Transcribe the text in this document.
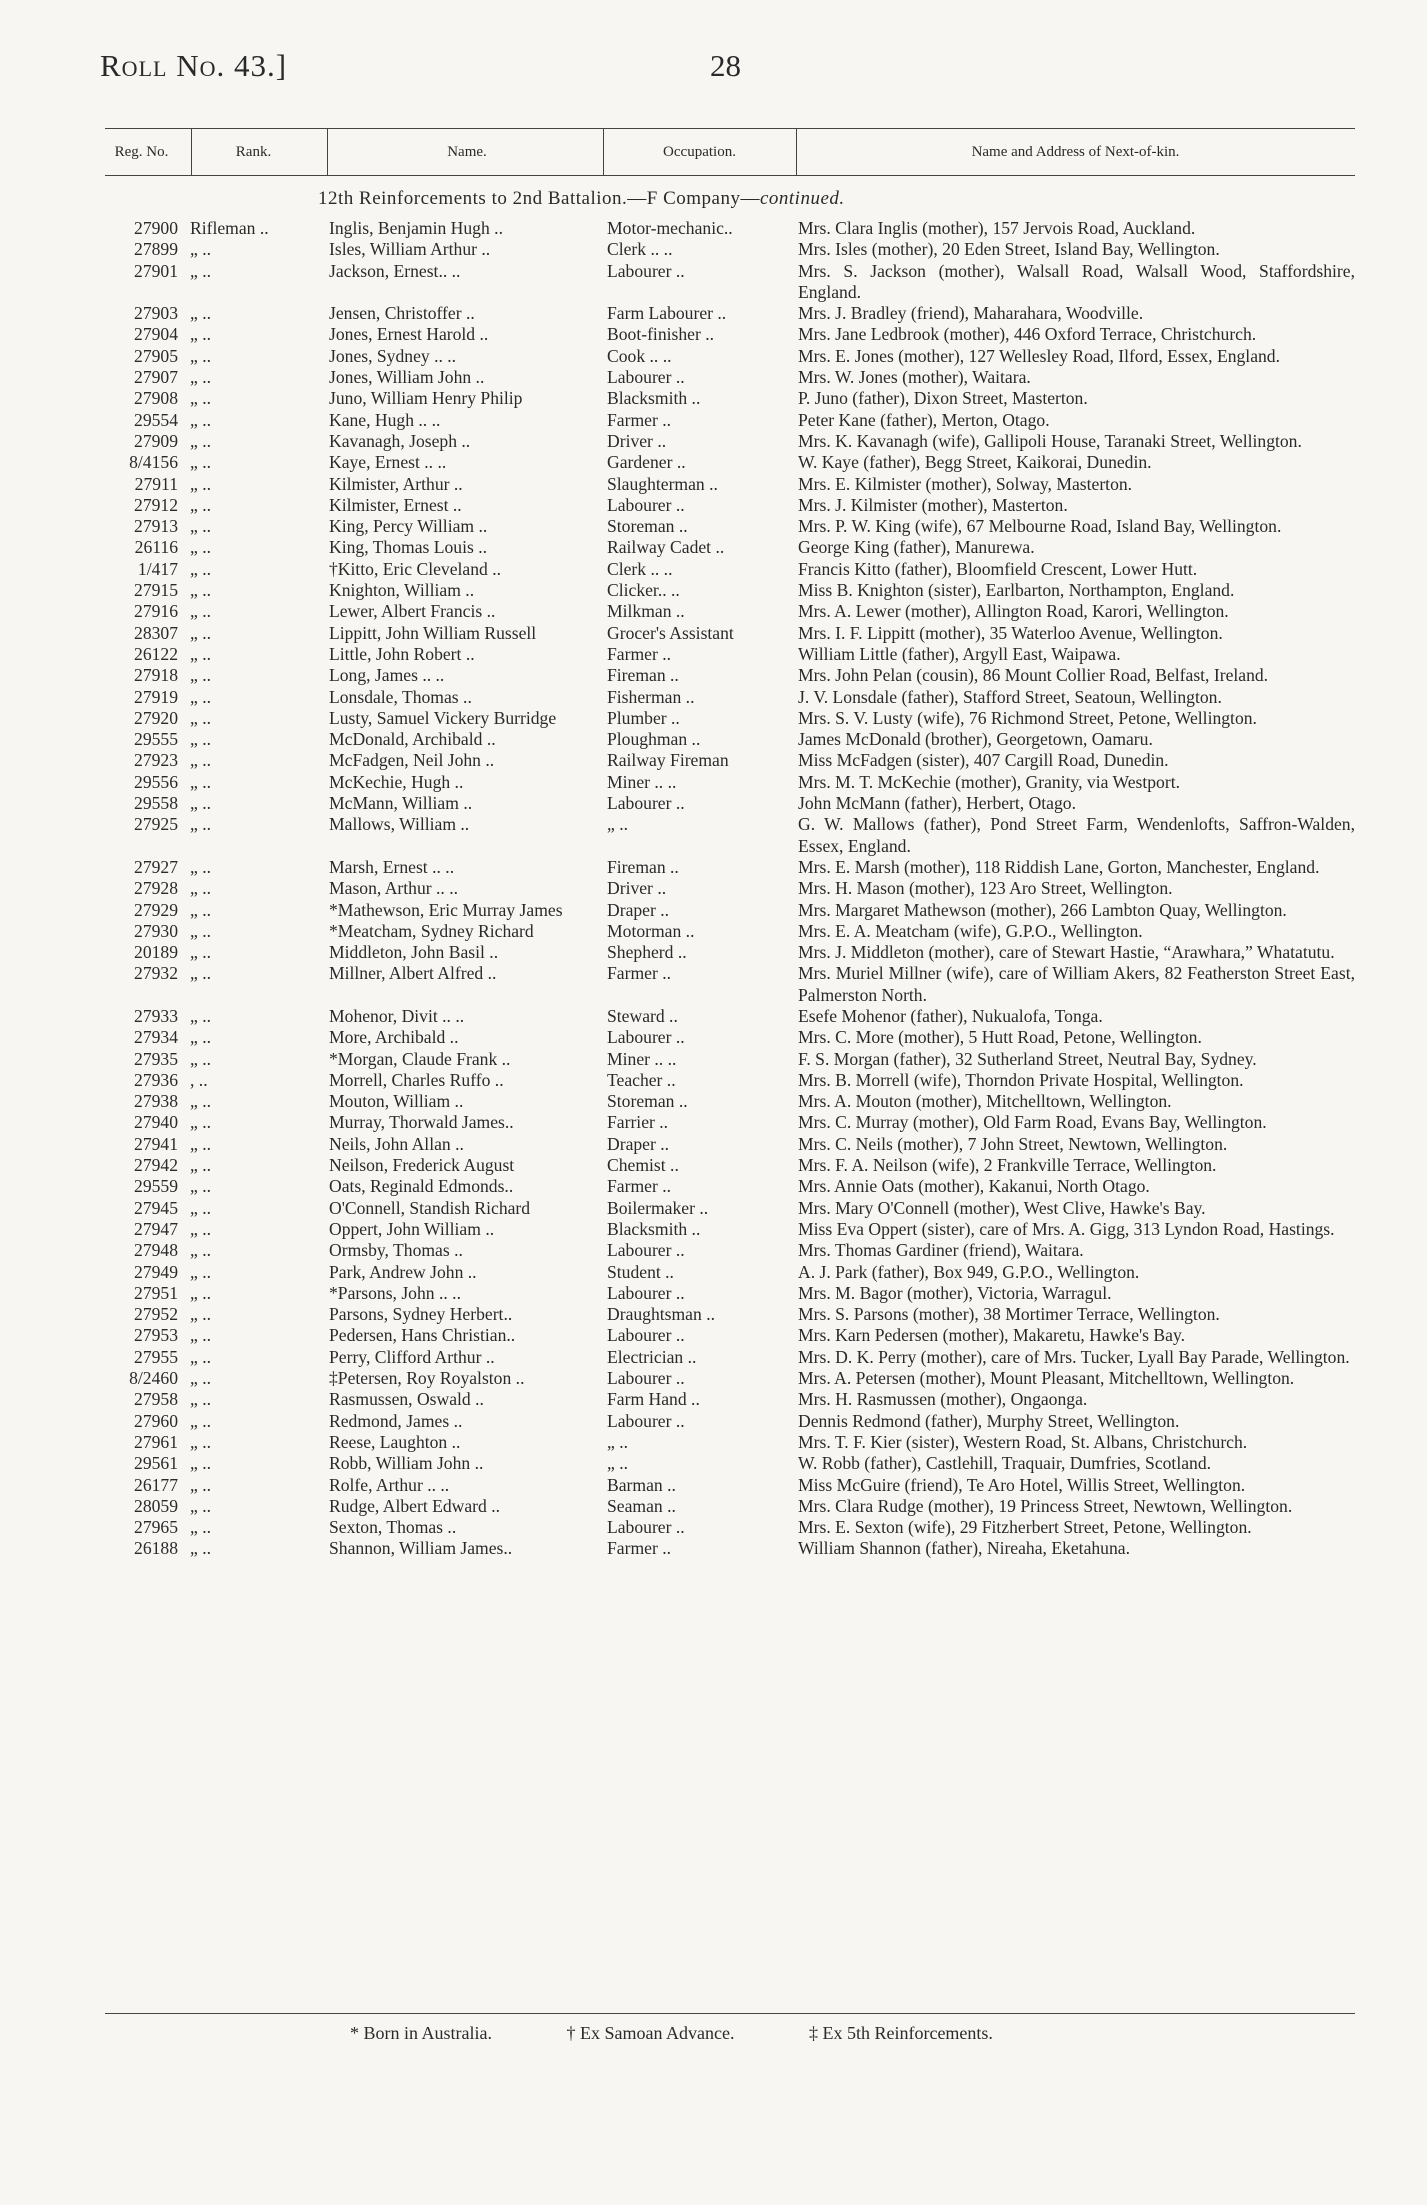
Roll No. 43.]	28
Reg. No.	Rank.	Name.	Occupation.	Name and Address of Next-of-kin.
12th Reinforcements to 2nd Battalion.—F Company—continued.
27900 Rifleman ..	Inglis, Benjamin Hugh ..	Motor-mechanic..	Mrs. Clara Inglis (mother), 157 Jervois Road, Auckland.
27899 „ ..	Isles, William Arthur ..	Clerk .. ..	Mrs. Isles (mother), 20 Eden Street, Island Bay, Wellington.
27901 „ ..	Jackson, Ernest.. ..	Labourer ..	Mrs. S. Jackson (mother), Walsall Road, Walsall Wood, Staffordshire, England.
27903 „ ..	Jensen, Christoffer ..	Farm Labourer ..	Mrs. J. Bradley (friend), Maharahara, Woodville.
27904 „ ..	Jones, Ernest Harold ..	Boot-finisher ..	Mrs. Jane Ledbrook (mother), 446 Oxford Terrace, Christchurch.
27905 „ ..	Jones, Sydney .. ..	Cook .. ..	Mrs. E. Jones (mother), 127 Wellesley Road, Ilford, Essex, England.
27907 „ ..	Jones, William John ..	Labourer ..	Mrs. W. Jones (mother), Waitara.
27908 „ ..	Juno, William Henry Philip	Blacksmith ..	P. Juno (father), Dixon Street, Masterton.
29554 „ ..	Kane, Hugh .. ..	Farmer ..	Peter Kane (father), Merton, Otago.
27909 „ ..	Kavanagh, Joseph ..	Driver ..	Mrs. K. Kavanagh (wife), Gallipoli House, Taranaki Street, Wellington.
8/4156 „ ..	Kaye, Ernest .. ..	Gardener ..	W. Kaye (father), Begg Street, Kaikorai, Dunedin.
27911 „ ..	Kilmister, Arthur ..	Slaughterman ..	Mrs. E. Kilmister (mother), Solway, Masterton.
27912 „ ..	Kilmister, Ernest ..	Labourer ..	Mrs. J. Kilmister (mother), Masterton.
27913 „ ..	King, Percy William ..	Storeman ..	Mrs. P. W. King (wife), 67 Melbourne Road, Island Bay, Wellington.
26116 „ ..	King, Thomas Louis ..	Railway Cadet ..	George King (father), Manurewa.
1/417 „ ..	†Kitto, Eric Cleveland ..	Clerk .. ..	Francis Kitto (father), Bloomfield Crescent, Lower Hutt.
27915 „ ..	Knighton, William ..	Clicker.. ..	Miss B. Knighton (sister), Earlbarton, Northampton, England.
27916 „ ..	Lewer, Albert Francis ..	Milkman ..	Mrs. A. Lewer (mother), Allington Road, Karori, Wellington.
28307 „ ..	Lippitt, John William Russell	Grocer's Assistant	Mrs. I. F. Lippitt (mother), 35 Waterloo Avenue, Wellington.
26122 „ ..	Little, John Robert ..	Farmer ..	William Little (father), Argyll East, Waipawa.
27918 „ ..	Long, James .. ..	Fireman ..	Mrs. John Pelan (cousin), 86 Mount Collier Road, Belfast, Ireland.
27919 „ ..	Lonsdale, Thomas ..	Fisherman ..	J. V. Lonsdale (father), Stafford Street, Seatoun, Wellington.
27920 „ ..	Lusty, Samuel Vickery Burridge	Plumber ..	Mrs. S. V. Lusty (wife), 76 Richmond Street, Petone, Wellington.
29555 „ ..	McDonald, Archibald ..	Ploughman ..	James McDonald (brother), Georgetown, Oamaru.
27923 „ ..	McFadgen, Neil John ..	Railway Fireman	Miss McFadgen (sister), 407 Cargill Road, Dunedin.
29556 „ ..	McKechie, Hugh ..	Miner .. ..	Mrs. M. T. McKechie (mother), Granity, via Westport.
29558 „ ..	McMann, William ..	Labourer ..	John McMann (father), Herbert, Otago.
27925 „ ..	Mallows, William ..	„ ..	G. W. Mallows (father), Pond Street Farm, Wendenlofts, Saffron-Walden, Essex, England.
27927 „ ..	Marsh, Ernest .. ..	Fireman ..	Mrs. E. Marsh (mother), 118 Riddish Lane, Gorton, Manchester, England.
27928 „ ..	Mason, Arthur .. ..	Driver ..	Mrs. H. Mason (mother), 123 Aro Street, Wellington.
27929 „ ..	*Mathewson, Eric Murray James	Draper ..	Mrs. Margaret Mathewson (mother), 266 Lambton Quay, Wellington.
27930 „ ..	*Meatcham, Sydney Richard	Motorman ..	Mrs. E. A. Meatcham (wife), G.P.O., Wellington.
20189 „ ..	Middleton, John Basil ..	Shepherd ..	Mrs. J. Middleton (mother), care of Stewart Hastie, “Arawhara,” Whatatutu.
27932 „ ..	Millner, Albert Alfred ..	Farmer ..	Mrs. Muriel Millner (wife), care of William Akers, 82 Featherston Street East, Palmerston North.
27933 „ ..	Mohenor, Divit .. ..	Steward ..	Esefe Mohenor (father), Nukualofa, Tonga.
27934 „ ..	More, Archibald ..	Labourer ..	Mrs. C. More (mother), 5 Hutt Road, Petone, Wellington.
27935 „ ..	*Morgan, Claude Frank ..	Miner .. ..	F. S. Morgan (father), 32 Sutherland Street, Neutral Bay, Sydney.
27936 , ..	Morrell, Charles Ruffo ..	Teacher ..	Mrs. B. Morrell (wife), Thorndon Private Hospital, Wellington.
27938 „ ..	Mouton, William ..	Storeman ..	Mrs. A. Mouton (mother), Mitchelltown, Wellington.
27940 „ ..	Murray, Thorwald James..	Farrier ..	Mrs. C. Murray (mother), Old Farm Road, Evans Bay, Wellington.
27941 „ ..	Neils, John Allan ..	Draper ..	Mrs. C. Neils (mother), 7 John Street, Newtown, Wellington.
27942 „ ..	Neilson, Frederick August	Chemist ..	Mrs. F. A. Neilson (wife), 2 Frankville Terrace, Wellington.
29559 „ ..	Oats, Reginald Edmonds..	Farmer ..	Mrs. Annie Oats (mother), Kakanui, North Otago.
27945 „ ..	O'Connell, Standish Richard	Boilermaker ..	Mrs. Mary O'Connell (mother), West Clive, Hawke's Bay.
27947 „ ..	Oppert, John William ..	Blacksmith ..	Miss Eva Oppert (sister), care of Mrs. A. Gigg, 313 Lyndon Road, Hastings.
27948 „ ..	Ormsby, Thomas ..	Labourer ..	Mrs. Thomas Gardiner (friend), Waitara.
27949 „ ..	Park, Andrew John ..	Student ..	A. J. Park (father), Box 949, G.P.O., Wellington.
27951 „ ..	*Parsons, John .. ..	Labourer ..	Mrs. M. Bagor (mother), Victoria, Warragul.
27952 „ ..	Parsons, Sydney Herbert..	Draughtsman ..	Mrs. S. Parsons (mother), 38 Mortimer Terrace, Wellington.
27953 „ ..	Pedersen, Hans Christian..	Labourer ..	Mrs. Karn Pedersen (mother), Makaretu, Hawke's Bay.
27955 „ ..	Perry, Clifford Arthur ..	Electrician ..	Mrs. D. K. Perry (mother), care of Mrs. Tucker, Lyall Bay Parade, Wellington.
8/2460 „ ..	‡Petersen, Roy Royalston ..	Labourer ..	Mrs. A. Petersen (mother), Mount Pleasant, Mitchelltown, Wellington.
27958 „ ..	Rasmussen, Oswald ..	Farm Hand ..	Mrs. H. Rasmussen (mother), Ongaonga.
27960 „ ..	Redmond, James ..	Labourer ..	Dennis Redmond (father), Murphy Street, Wellington.
27961 „ ..	Reese, Laughton ..	„ ..	Mrs. T. F. Kier (sister), Western Road, St. Albans, Christchurch.
29561 „ ..	Robb, William John ..	„ ..	W. Robb (father), Castlehill, Traquair, Dumfries, Scotland.
26177 „ ..	Rolfe, Arthur .. ..	Barman ..	Miss McGuire (friend), Te Aro Hotel, Willis Street, Wellington.
28059 „ ..	Rudge, Albert Edward ..	Seaman ..	Mrs. Clara Rudge (mother), 19 Princess Street, Newtown, Wellington.
27965 „ ..	Sexton, Thomas ..	Labourer ..	Mrs. E. Sexton (wife), 29 Fitzherbert Street, Petone, Wellington.
26188 „ ..	Shannon, William James..	Farmer ..	William Shannon (father), Nireaha, Eketahuna.
* Born in Australia.	† Ex Samoan Advance.	‡ Ex 5th Reinforcements.
